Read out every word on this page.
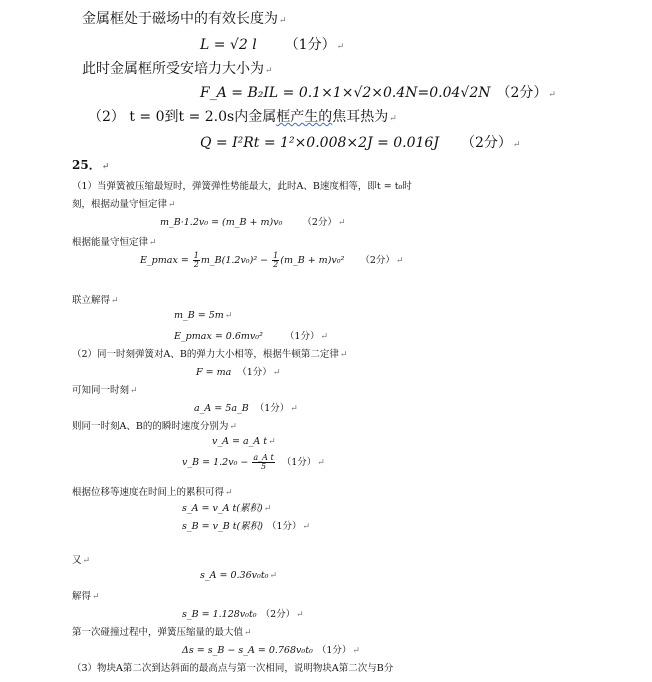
金属框处于磁场中的有效长度为↵
L = √2 l （1分）↵
此时金属框所受安培力大小为↵
F_A = B₂IL = 0.1×1×√2×0.4N=0.04√2N （2分）↵
（2） t = 0到t = 2.0s内金属框产生的焦耳热为↵
Q = I²Rt = 1²×0.008×2J = 0.016J （2分）↵
25．↵
（1）当弹簧被压缩最短时，弹簧弹性势能最大，此时A、B速度相等，即t = t₀时
刻，根据动量守恒定律↵
m_B·1.2v₀ = (m_B + m)v₀ （2分）↵
根据能量守恒定律↵
E_pmax = $\frac{1}{2}$ m_B(1.2v₀)² − $\frac{1}{2}$ (m_B + m)v₀² （2分）↵
联立解得↵
m_B = 5m↵
E_pmax = 0.6mv₀² （1分）↵
（2）同一时刻弹簧对A、B的弹力大小相等，根据牛顿第二定律↵
F = ma （1分）↵
可知同一时刻↵
a_A = 5a_B （1分）↵
则同一时刻A、B的的瞬时速度分别为↵
v_A = a_A t↵
v_B = $1.2v_0 - \frac{\text{a\_A t}}{5} (1$分）↵
根据位移等速度在时间上的累积可得↵
s_A = v_A t(累积)↵
s_B = v_B t(累积) （1分）↵
又↵
s_A = 0.36v₀t₀↵
解得↵
s_B = 1.128v₀t₀ （2分）↵
第一次碰撞过程中，弹簧压缩量的最大值↵
Δs = s_B − s_A = 0.768v₀t₀ （1分）↵
（3）物块A第二次到达斜面的最高点与第一次相同，说明物块A第二次与B分
